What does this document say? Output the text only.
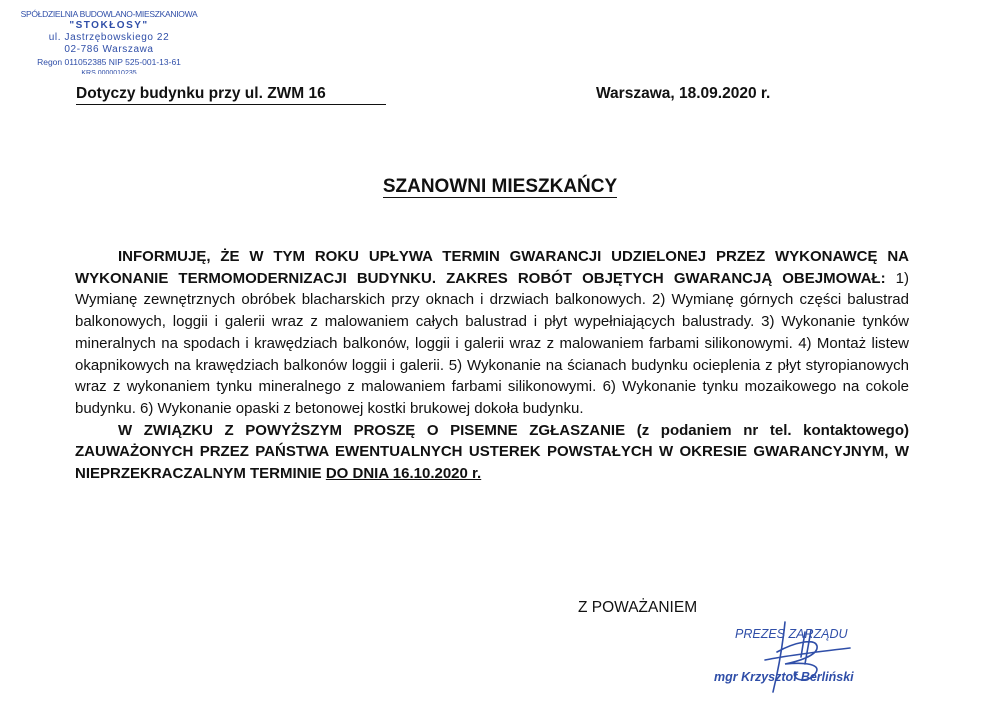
SPÓŁDZIELNIA BUDOWLANO-MIESZKANIOWA
"STOKŁOSY"
ul. Jastrzębowskiego 22
02-786 Warszawa
Regon 011052385 NIP 525-001-13-61
KRS 0000010235
Dotyczy budynku przy ul. ZWM 16	Warszawa, 18.09.2020 r.
SZANOWNI MIESZKAŃCY

INFORMUJĘ, ŻE W TYM ROKU UPŁYWA TERMIN GWARANCJI UDZIELONEJ PRZEZ WYKONAWCĘ NA WYKONANIE TERMOMODERNIZACJI BUDYNKU. ZAKRES ROBÓT OBJĘTYCH GWARANCJĄ OBEJMOWAŁ: 1) Wymianę zewnętrznych obróbek blacharskich przy oknach i drzwiach balkonowych. 2) Wymianę górnych części balustrad balkonowych, loggii i galerii wraz z malowaniem całych balustrad i płyt wypełniających balustrady. 3) Wykonanie tynków mineralnych na spodach i krawędziach balkonów, loggii i galerii wraz z malowaniem farbami silikonowymi. 4) Montaż listew okapnikowych na krawędziach balkonów loggii i galerii. 5) Wykonanie na ścianach budynku ocieplenia z płyt styropianowych wraz z wykonaniem tynku mineralnego z malowaniem farbami silikonowymi. 6) Wykonanie tynku mozaikowego na cokole budynku. 6) Wykonanie opaski z betonowej kostki brukowej dokoła budynku.

W ZWIĄZKU Z POWYŻSZYM PROSZĘ O PISEMNE ZGŁASZANIE (z podaniem nr tel. kontaktowego) ZAUWAŻONYCH PRZEZ PAŃSTWA EWENTUALNYCH USTEREK POWSTAŁYCH W OKRESIE GWARANCYJNYM, W NIEPRZEKRACZALNYM TERMINIE DO DNIA 16.10.2020 r.

Z POWAŻANIEM
PREZES ZARZĄDU
mgr Krzysztof Berliński
